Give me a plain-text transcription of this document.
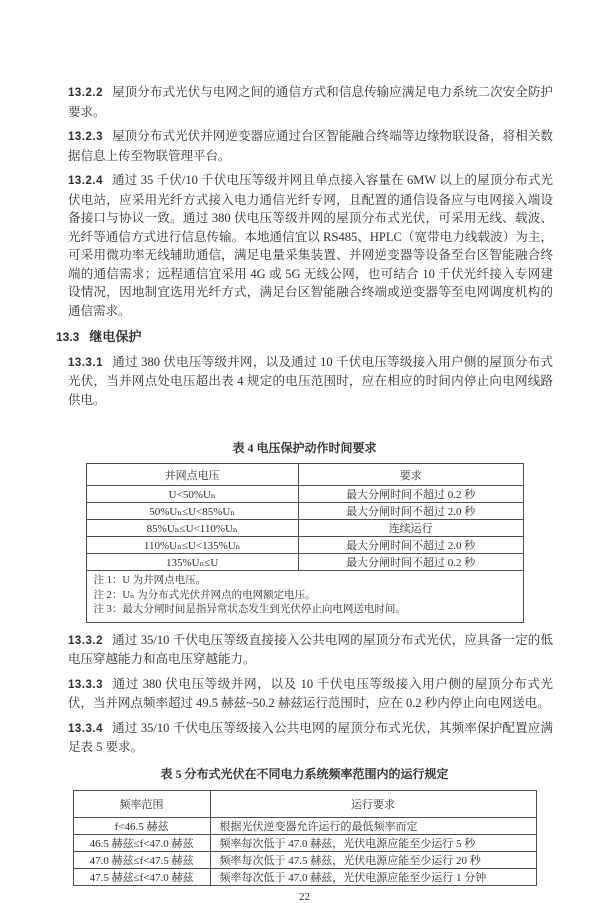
13.2.2 屋顶分布式光伏与电网之间的通信方式和信息传输应满足电力系统二次安全防护要求。

13.2.3 屋顶分布式光伏并网逆变器应通过台区智能融合终端等边缘物联设备，将相关数据信息上传至物联管理平台。

13.2.4 通过 35 千伏/10 千伏电压等级并网且单点接入容量在 6MW 以上的屋顶分布式光伏电站，应采用光纤方式接入电力通信光纤专网，且配置的通信设备应与电网接入端设备接口与协议一致。通过 380 伏电压等级并网的屋顶分布式光伏，可采用无线、载波、光纤等通信方式进行信息传输。本地通信宜以 RS485、HPLC（宽带电力线载波）为主，可采用微功率无线辅助通信，满足电量采集装置、并网逆变器等设备至台区智能融合终端的通信需求；远程通信宜采用 4G 或 5G 无线公网，也可结合 10 千伏光纤接入专网建设情况，因地制宜选用光纤方式，满足台区智能融合终端或逆变器等至电网调度机构的通信需求。

13.3 继电保护

13.3.1 通过 380 伏电压等级并网，以及通过 10 千伏电压等级接入用户侧的屋顶分布式光伏，当并网点处电压超出表 4 规定的电压范围时，应在相应的时间内停止向电网线路供电。

表 4 电压保护动作时间要求
并网点电压	要求
U<50%Uₙ	最大分闸时间不超过 0.2 秒
50%Uₙ≤U<85%Uₙ	最大分闸时间不超过 2.0 秒
85%Uₙ≤U<110%Uₙ	连续运行
110%Uₙ≤U<135%Uₙ	最大分闸时间不超过 2.0 秒
135%Uₙ≤U	最大分闸时间不超过 0.2 秒

注 1：U 为并网点电压。
注 2：Uₙ 为分布式光伏并网点的电网额定电压。
注 3：最大分闸时间是指异常状态发生到光伏停止向电网送电时间。	

13.3.2 通过 35/10 千伏电压等级直接接入公共电网的屋顶分布式光伏，应具备一定的低电压穿越能力和高电压穿越能力。

13.3.3 通过 380 伏电压等级并网，以及 10 千伏电压等级接入用户侧的屋顶分布式光伏，当并网点频率超过 49.5 赫兹~50.2 赫兹运行范围时，应在 0.2 秒内停止向电网送电。

13.3.4 通过 35/10 千伏电压等级接入公共电网的屋顶分布式光伏，其频率保护配置应满足表 5 要求。

表 5 分布式光伏在不同电力系统频率范围内的运行规定
频率范围	运行要求
f<46.5 赫兹	根据光伏逆变器允许运行的最低频率而定
46.5 赫兹≤f<47.0 赫兹	频率每次低于 47.0 赫兹，光伏电源应能至少运行 5 秒
47.0 赫兹≤f<47.5 赫兹	频率每次低于 47.5 赫兹，光伏电源应能至少运行 20 秒
47.5 赫兹≤f<47.0 赫兹	频率每次低于 47.0 赫兹，光伏电源应能至少运行 1 分钟
22
